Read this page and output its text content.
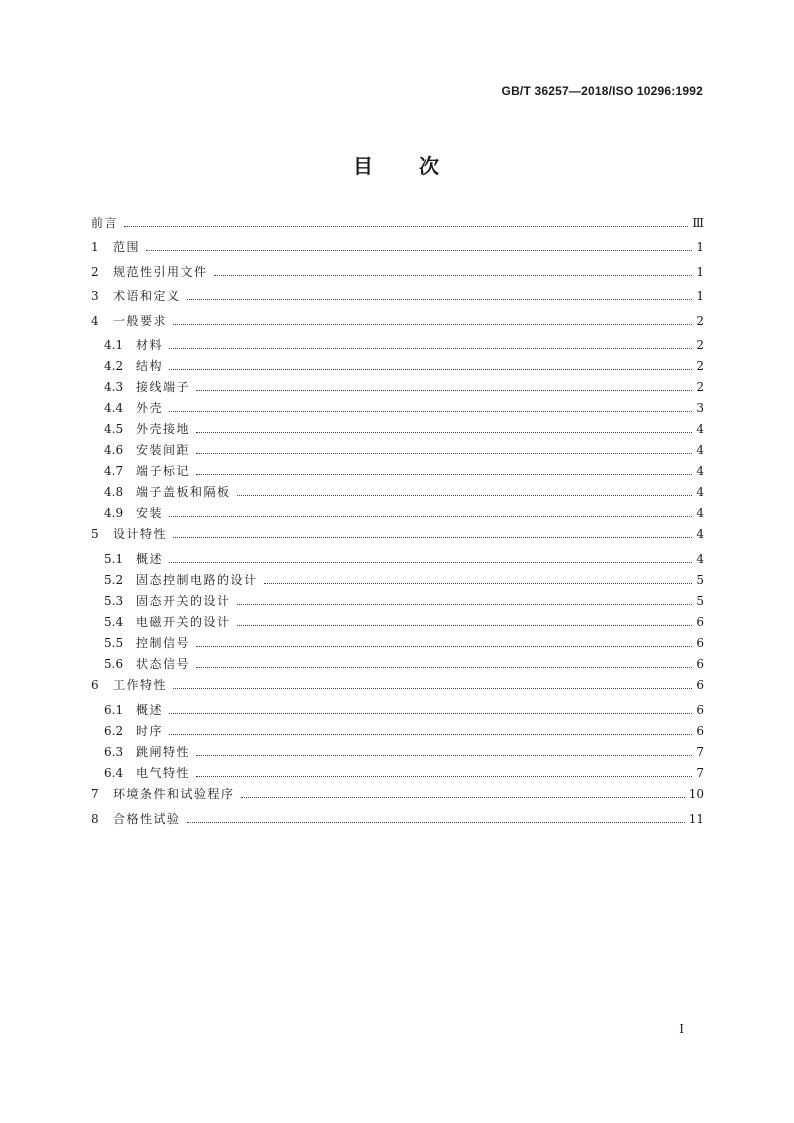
GB/T 36257—2018/ISO 10296:1992
目 次
前言	Ⅲ
1	范围	1
2	规范性引用文件	1
3	术语和定义	1
4	一般要求	2
4.1	材料	2
4.2	结构	2
4.3	接线端子	2
4.4	外壳	3
4.5	外壳接地	4
4.6	安装间距	4
4.7	端子标记	4
4.8	端子盖板和隔板	4
4.9	安装	4
5	设计特性	4
5.1	概述	4
5.2	固态控制电路的设计	5
5.3	固态开关的设计	5
5.4	电磁开关的设计	6
5.5	控制信号	6
5.6	状态信号	6
6	工作特性	6
6.1	概述	6
6.2	时序	6
6.3	跳闸特性	7
6.4	电气特性	7
7	环境条件和试验程序	10
8	合格性试验	11
I
